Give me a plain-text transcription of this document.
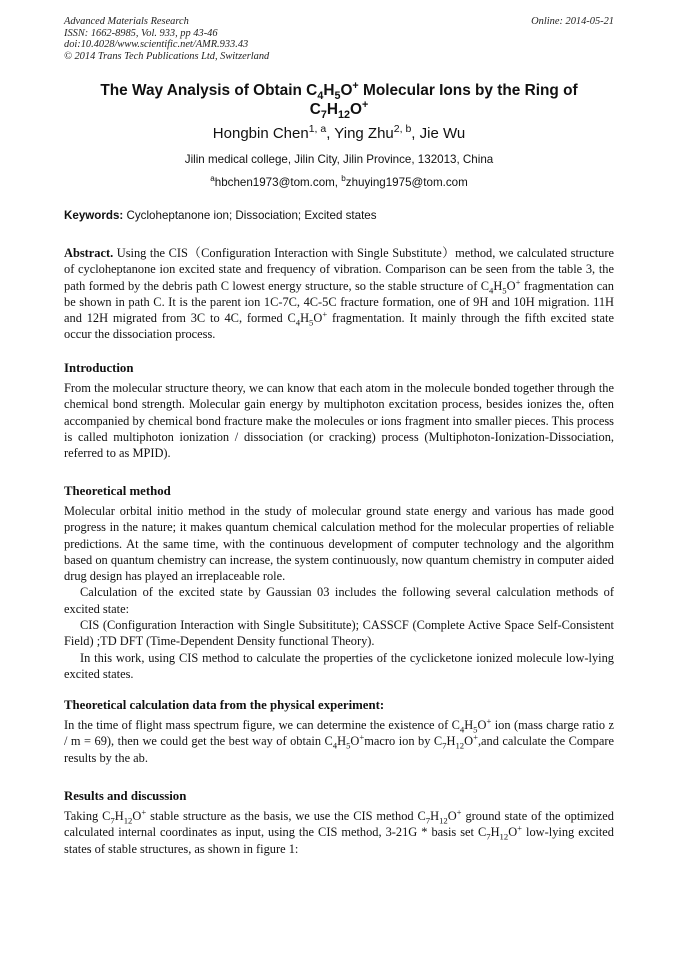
Advanced Materials Research
ISSN: 1662-8985, Vol. 933, pp 43-46
doi:10.4028/www.scientific.net/AMR.933.43
© 2014 Trans Tech Publications Ltd, Switzerland
Online: 2014-05-21
The Way Analysis of Obtain $C_4H_5O^+$ Molecular Ions by the Ring of
$C_7H_{12}O^+$
Hongbin Chen$^{1, a}$, Ying Zhu$^{2, b}$, Jie Wu
Jilin medical college, Jilin City, Jilin Province, 132013, China
$^a$hbchen1973@tom.com, $^b$zhuying1975@tom.com
Keywords: Cycloheptanone ion; Dissociation; Excited states
Abstract. Using the CIS（Configuration Interaction with Single Substitute）method, we calculated structure of cycloheptanone ion excited state and frequency of vibration. Comparison can be seen from the table 3, the path formed by the debris path C lowest energy structure, so the stable structure of $C_4H_5O^+$ fragmentation can be shown in path C. It is the parent ion 1C-7C, 4C-5C fracture formation, one of 9H and 10H migration. 11H and 12H migrated from 3C to 4C, formed $C_4H_5O^+$ fragmentation. It mainly through the fifth excited state occur the dissociation process.
Introduction
From the molecular structure theory, we can know that each atom in the molecule bonded together through the chemical bond strength. Molecular gain energy by multiphoton excitation process, besides ionizes the, often accompanied by chemical bond fracture make the molecules or ions fragment into smaller pieces. This process is called multiphoton ionization / dissociation (or cracking) process (Multiphoton-Ionization-Dissociation, referred to as MPID).
Theoretical method

Molecular orbital initio method in the study of molecular ground state energy and various has made good progress in the nature; it makes quantum chemical calculation method for the molecular properties of reliable predictions. At the same time, with the continuous development of computer technology and the algorithm based on quantum chemistry can increase, the system continuously, now quantum chemistry in computer aided drug design has played an irreplaceable role.

Calculation of the excited state by Gaussian 03 includes the following several calculation methods of excited state:

CIS (Configuration Interaction with Single Subsititute); CASSCF (Complete Active Space Self-Consistent Field) ;TD DFT (Time-Dependent Density functional Theory).

In this work, using CIS method to calculate the properties of the cyclicketone ionized molecule low-lying excited states.

Theoretical calculation data from the physical experiment:
In the time of flight mass spectrum figure, we can determine the existence of $C_4H_5O^+$ ion (mass charge ratio z / m = 69), then we could get the best way of obtain $C_4H_5O^+macro$ ion by $C_7H_{12}O^+,and$ calculate the Compare results by the ab.
Results and discussion
Taking $C_7H_{12}O^+$ stable structure as the basis, we use the CIS method $C_7H_{12}O^+$ ground state of the optimized calculated internal coordinates as input, using the CIS method, 3-21G * basis set $C_7H_{12}O^+$ low-lying excited states of stable structures, as shown in figure 1:
